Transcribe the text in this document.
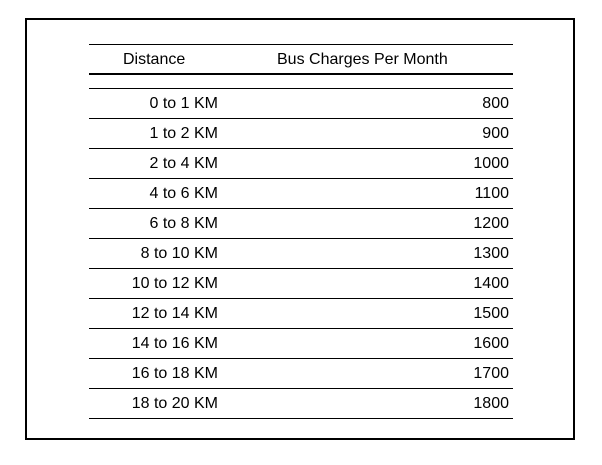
Distance	Bus Charges Per Month
0 to 1 KM	800
1 to 2 KM	900
2 to 4 KM	1000
4 to 6 KM	1100
6 to 8 KM	1200
8 to 10 KM	1300
10 to 12 KM	1400
12 to 14 KM	1500
14 to 16 KM	1600
16 to 18 KM	1700
18 to 20 KM	1800
